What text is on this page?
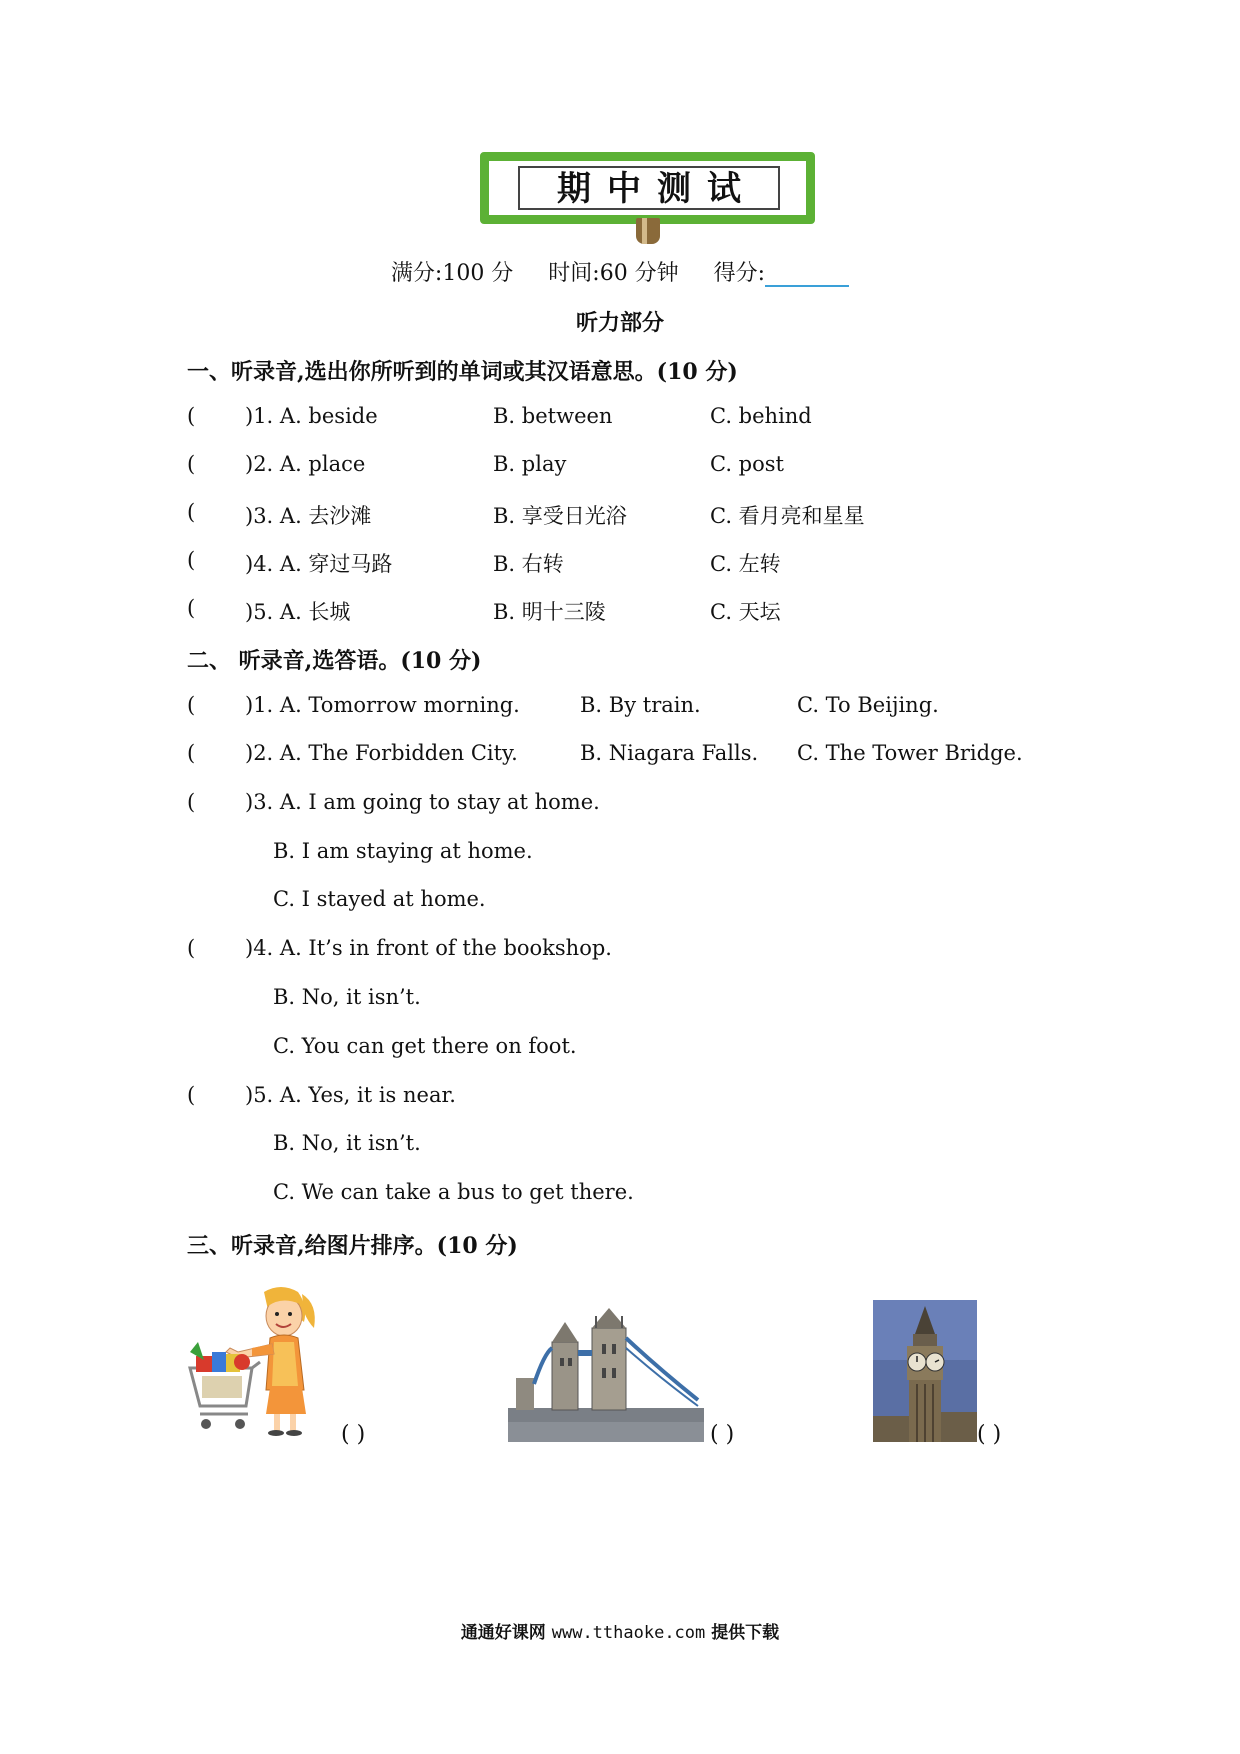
期中测试
满分:100 分 时间:60 分钟 得分:
听力部分
一、听录音,选出你所听到的单词或其汉语意思。(10 分)
( )1. A. beside	B. between	C. behind
( )2. A. place	B. play	C. post
( )3. A. 去沙滩	B. 享受日光浴	C. 看月亮和星星
( )4. A. 穿过马路	B. 右转	C. 左转
( )5. A. 长城	B. 明十三陵	C. 天坛
二、 听录音,选答语。(10 分)
( )1. A. Tomorrow morning.	B. By train.	C. To Beijing.
( )2. A. The Forbidden City.	B. Niagara Falls. C. The Tower Bridge.
( )3. A. I am going to stay at home.
B. I am staying at home.
C. I stayed at home.
( )4. A. It’s in front of the bookshop.
B. No, it isn’t.
C. You can get there on foot.
( )5. A. Yes, it is near.
B. No, it isn’t.
C. We can take a bus to get there.
三、听录音,给图片排序。(10 分)
( )	( )	( )
通通好课网 www.tthaoke.com 提供下载
